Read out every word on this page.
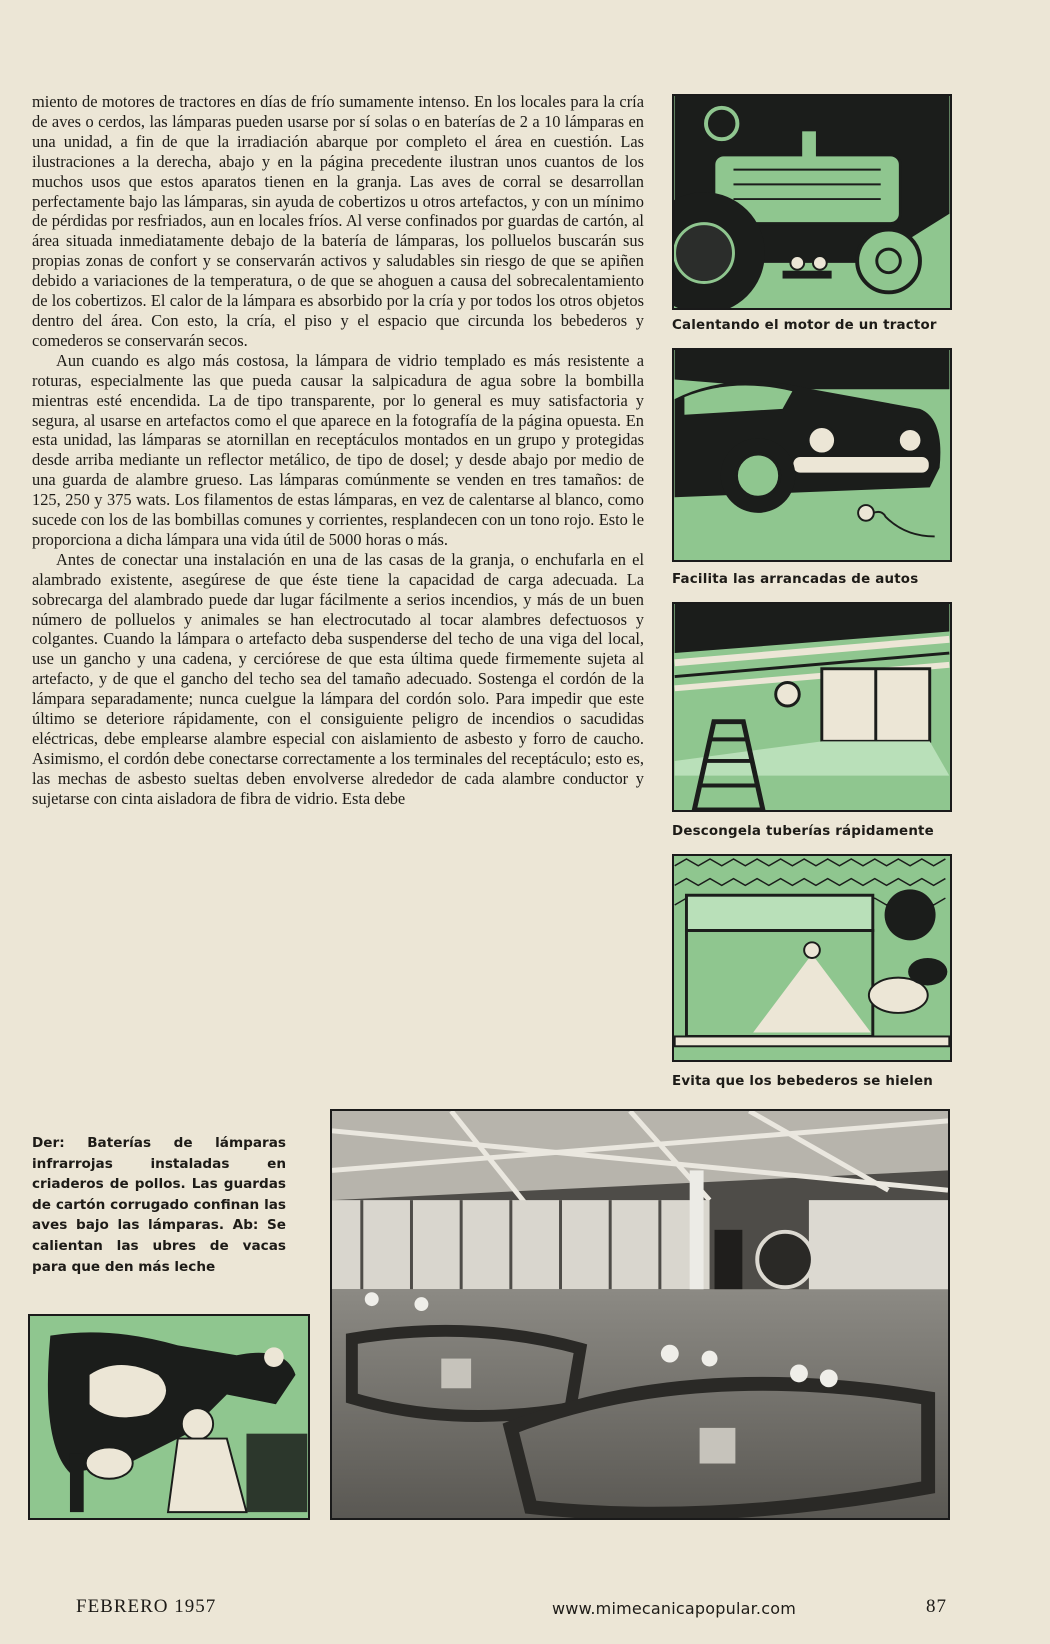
miento de motores de tractores en días de frío sumamente intenso. En los locales para la cría de aves o cerdos, las lámparas pueden usarse por sí solas o en baterías de 2 a 10 lámparas en una unidad, a fin de que la irradiación abarque por completo el área en cuestión. Las ilustraciones a la derecha, abajo y en la página precedente ilustran unos cuantos de los muchos usos que estos aparatos tienen en la granja. Las aves de corral se desarrollan perfectamente bajo las lámparas, sin ayuda de cobertizos u otros artefactos, y con un mínimo de pérdidas por resfriados, aun en locales fríos. Al verse confinados por guardas de cartón, al área situada inmediatamente debajo de la batería de lámparas, los polluelos buscarán sus propias zonas de confort y se conservarán activos y saludables sin riesgo de que se apiñen debido a variaciones de la temperatura, o de que se ahoguen a causa del sobrecalentamiento de los cobertizos. El calor de la lámpara es absorbido por la cría y por todos los otros objetos dentro del área. Con esto, la cría, el piso y el espacio que circunda los bebederos y comederos se conservarán secos.

Aun cuando es algo más costosa, la lámpara de vidrio templado es más resistente a roturas, especialmente las que pueda causar la salpicadura de agua sobre la bombilla mientras esté encendida. La de tipo transparente, por lo general es muy satisfactoria y segura, al usarse en artefactos como el que aparece en la fotografía de la página opuesta. En esta unidad, las lámparas se atornillan en receptáculos montados en un grupo y protegidas desde arriba mediante un reflector metálico, de tipo de dosel; y desde abajo por medio de una guarda de alambre grueso. Las lámparas comúnmente se venden en tres tamaños: de 125, 250 y 375 wats. Los filamentos de estas lámparas, en vez de calentarse al blanco, como sucede con los de las bombillas comunes y corrientes, resplandecen con un tono rojo. Esto le proporciona a dicha lámpara una vida útil de 5000 horas o más.

Antes de conectar una instalación en una de las casas de la granja, o enchufarla en el alambrado existente, asegúrese de que éste tiene la capacidad de carga adecuada. La sobrecarga del alambrado puede dar lugar fácilmente a serios incendios, y más de un buen número de polluelos y animales se han electrocutado al tocar alambres defectuosos y colgantes. Cuando la lámpara o artefacto deba suspenderse del techo de una viga del local, use un gancho y una cadena, y cerciórese de que esta última quede firmemente sujeta al artefacto, y de que el gancho del techo sea del tamaño adecuado. Sostenga el cordón de la lámpara separadamente; nunca cuelgue la lámpara del cordón solo. Para impedir que este último se deteriore rápidamente, con el consiguiente peligro de incendios o sacudidas eléctricas, debe emplearse alambre especial con aislamiento de asbesto y forro de caucho. Asimismo, el cordón debe conectarse correctamente a los terminales del receptáculo; esto es, las mechas de asbesto sueltas deben envolverse alrededor de cada alambre conductor y sujetarse con cinta aisladora de fibra de vidrio. Esta debe

Calentando el motor de un tractor
Facilita las arrancadas de autos
Descongela tuberías rápidamente
Evita que los bebederos se hielen
Der: Baterías de lámparas infrarrojas instaladas en criaderos de pollos. Las guardas de cartón corrugado confinan las aves bajo las lámparas. Ab: Se calientan las ubres de vacas para que den más leche
FEBRERO 1957	www.mimecanicapopular.com	87
